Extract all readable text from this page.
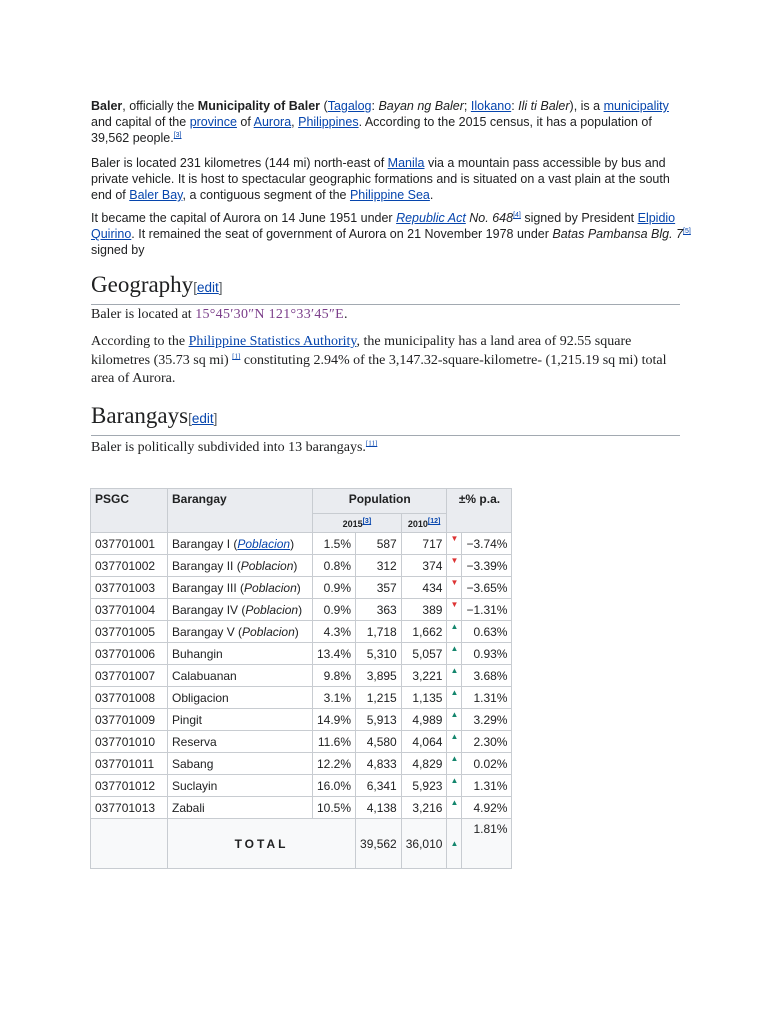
Baler, officially the Municipality of Baler (Tagalog: Bayan ng Baler; Ilokano: Ili ti Baler), is a municipality and capital of the province of Aurora, Philippines. According to the 2015 census, it has a population of 39,562 people.[3]

Baler is located 231 kilometres (144 mi) north-east of Manila via a mountain pass accessible by bus and private vehicle. It is host to spectacular geographic formations and is situated on a vast plain at the south end of Baler Bay, a contiguous segment of the Philippine Sea.

It became the capital of Aurora on 14 June 1951 under Republic Act No. 648[4] signed by President Elpidio Quirino. It remained the seat of government of Aurora on 21 November 1978 under Batas Pambansa Blg. 7[5] signed by

Geography[edit]

Baler is located at 15°45′30″N 121°33′45″E.

According to the Philippine Statistics Authority, the municipality has a land area of 92.55 square kilometres (35.73 sq mi) [1] constituting 2.94% of the 3,147.32-square-kilometre- (1,215.19 sq mi) total area of Aurora.

Barangays[edit]

Baler is politically subdivided into 13 barangays.[11]

PSGC	Barangay	Population			±% p.a.	
		2015[3]		2010[12]
037701001	Barangay I (Poblacion)	1.5%	587	717	▼	−3.74%
037701002	Barangay II (Poblacion)	0.8%	312	374	▼	−3.39%
037701003	Barangay III (Poblacion)	0.9%	357	434	▼	−3.65%
037701004	Barangay IV (Poblacion)	0.9%	363	389	▼	−1.31%
037701005	Barangay V (Poblacion)	4.3%	1,718	1,662	▲	0.63%
037701006	Buhangin	13.4%	5,310	5,057	▲	0.93%
037701007	Calabuanan	9.8%	3,895	3,221	▲	3.68%
037701008	Obligacion	3.1%	1,215	1,135	▲	1.31%
037701009	Pingit	14.9%	5,913	4,989	▲	3.29%
037701010	Reserva	11.6%	4,580	4,064	▲	2.30%
037701011	Sabang	12.2%	4,833	4,829	▲	0.02%
037701012	Suclayin	16.0%	6,341	5,923	▲	1.31%
037701013	Zabali	10.5%	4,138	3,216	▲	4.92%
	TOTAL		39,562	36,010	▲	1.81%
